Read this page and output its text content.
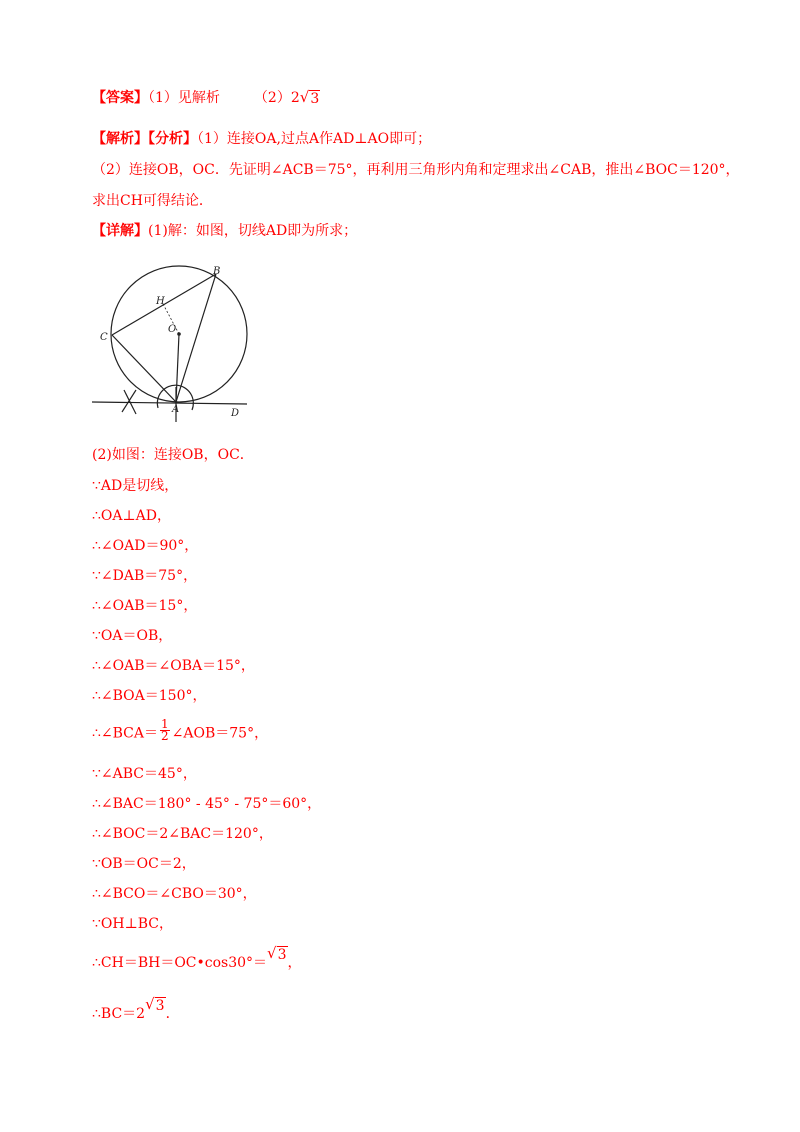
【答案】（1）见解析 （2）2 √ 3
【解析】【分析】（1）连接OA,过点A作AD⊥AO即可；
（2）连接OB，OC．先证明∠ACB＝75°，再利用三角形内角和定理求出∠CAB，推出∠BOC＝120°，
求出CH可得结论．
【详解】(1)解：如图，切线AD即为所求；
B
H
O
C
A	D
(2)如图：连接OB，OC．
∵AD是切线，
∴OA⊥AD，
∴∠OAD＝90°，
∵∠DAB＝75°，
∴∠OAB＝15°，
∵OA＝OB，
∴∠OAB＝∠OBA＝15°，
∴∠BOA＝150°，
∴∠BCA＝ $\frac{1}{2}$ ∠AOB＝75°，
∵∠ABC＝45°，
∴∠BAC＝180° - 45° - 75°＝60°，
∴∠BOC＝2∠BAC＝120°，
∵OB＝OC＝2，
∴∠BCO＝∠CBO＝30°，
∵OH⊥BC，
∴CH＝BH＝OC•cos30°＝
√ 3
，
∴BC＝2
√ 3
．
